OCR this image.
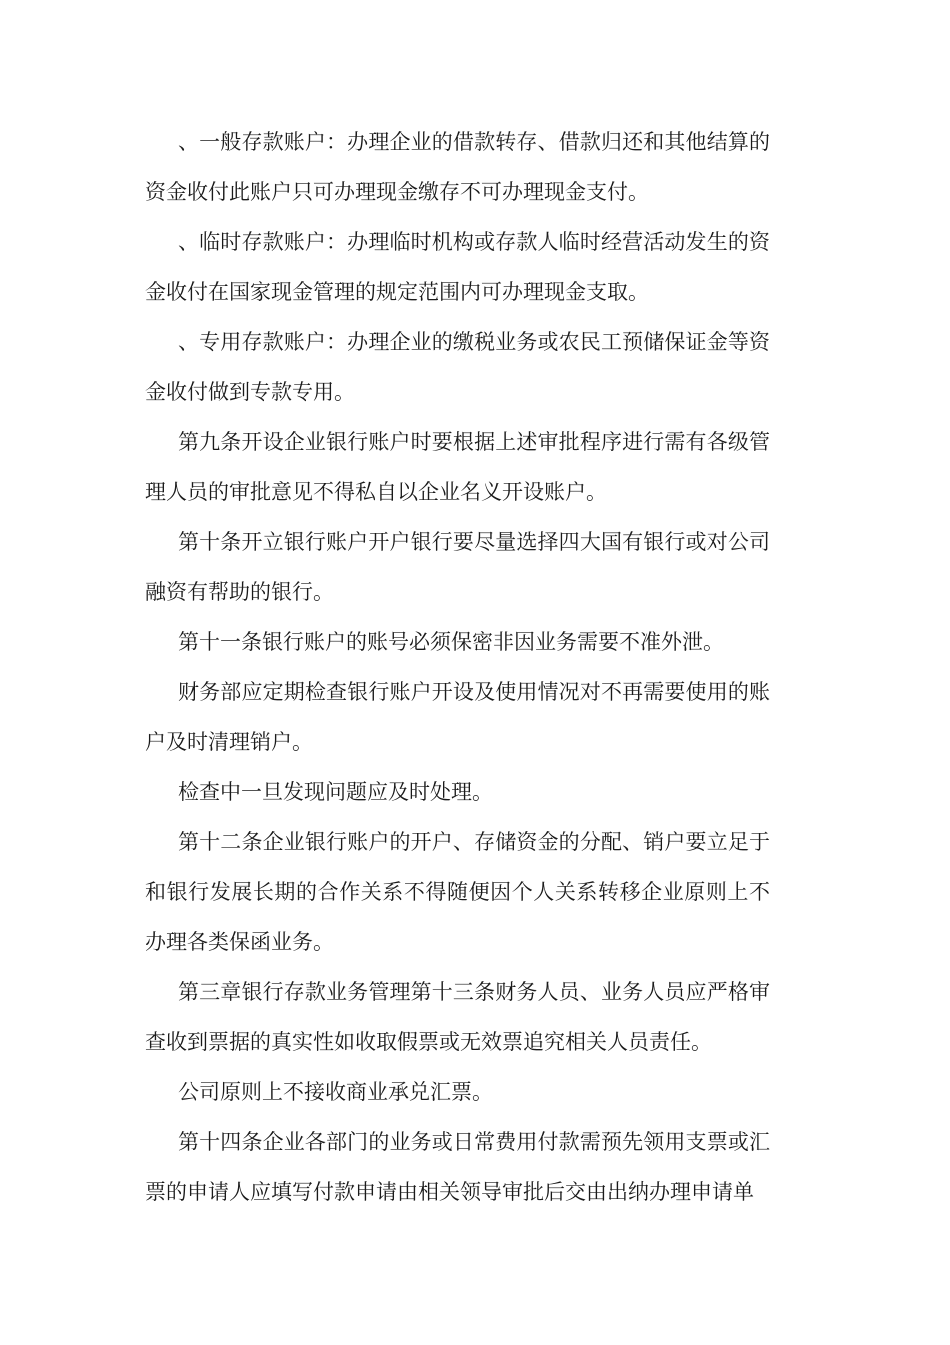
、一般存款账户：办理企业的借款转存、借款归还和其他结算的资金收付此账户只可办理现金缴存不可办理现金支付。

、临时存款账户：办理临时机构或存款人临时经营活动发生的资金收付在国家现金管理的规定范围内可办理现金支取。

、专用存款账户：办理企业的缴税业务或农民工预储保证金等资金收付做到专款专用。

第九条开设企业银行账户时要根据上述审批程序进行需有各级管理人员的审批意见不得私自以企业名义开设账户。

第十条开立银行账户开户银行要尽量选择四大国有银行或对公司融资有帮助的银行。

第十一条银行账户的账号必须保密非因业务需要不准外泄。

财务部应定期检查银行账户开设及使用情况对不再需要使用的账户及时清理销户。

检查中一旦发现问题应及时处理。

第十二条企业银行账户的开户、存储资金的分配、销户要立足于和银行发展长期的合作关系不得随便因个人关系转移企业原则上不办理各类保函业务。

第三章银行存款业务管理第十三条财务人员、业务人员应严格审查收到票据的真实性如收取假票或无效票追究相关人员责任。

公司原则上不接收商业承兑汇票。

第十四条企业各部门的业务或日常费用付款需预先领用支票或汇票的申请人应填写付款申请由相关领导审批后交由出纳办理申请单
